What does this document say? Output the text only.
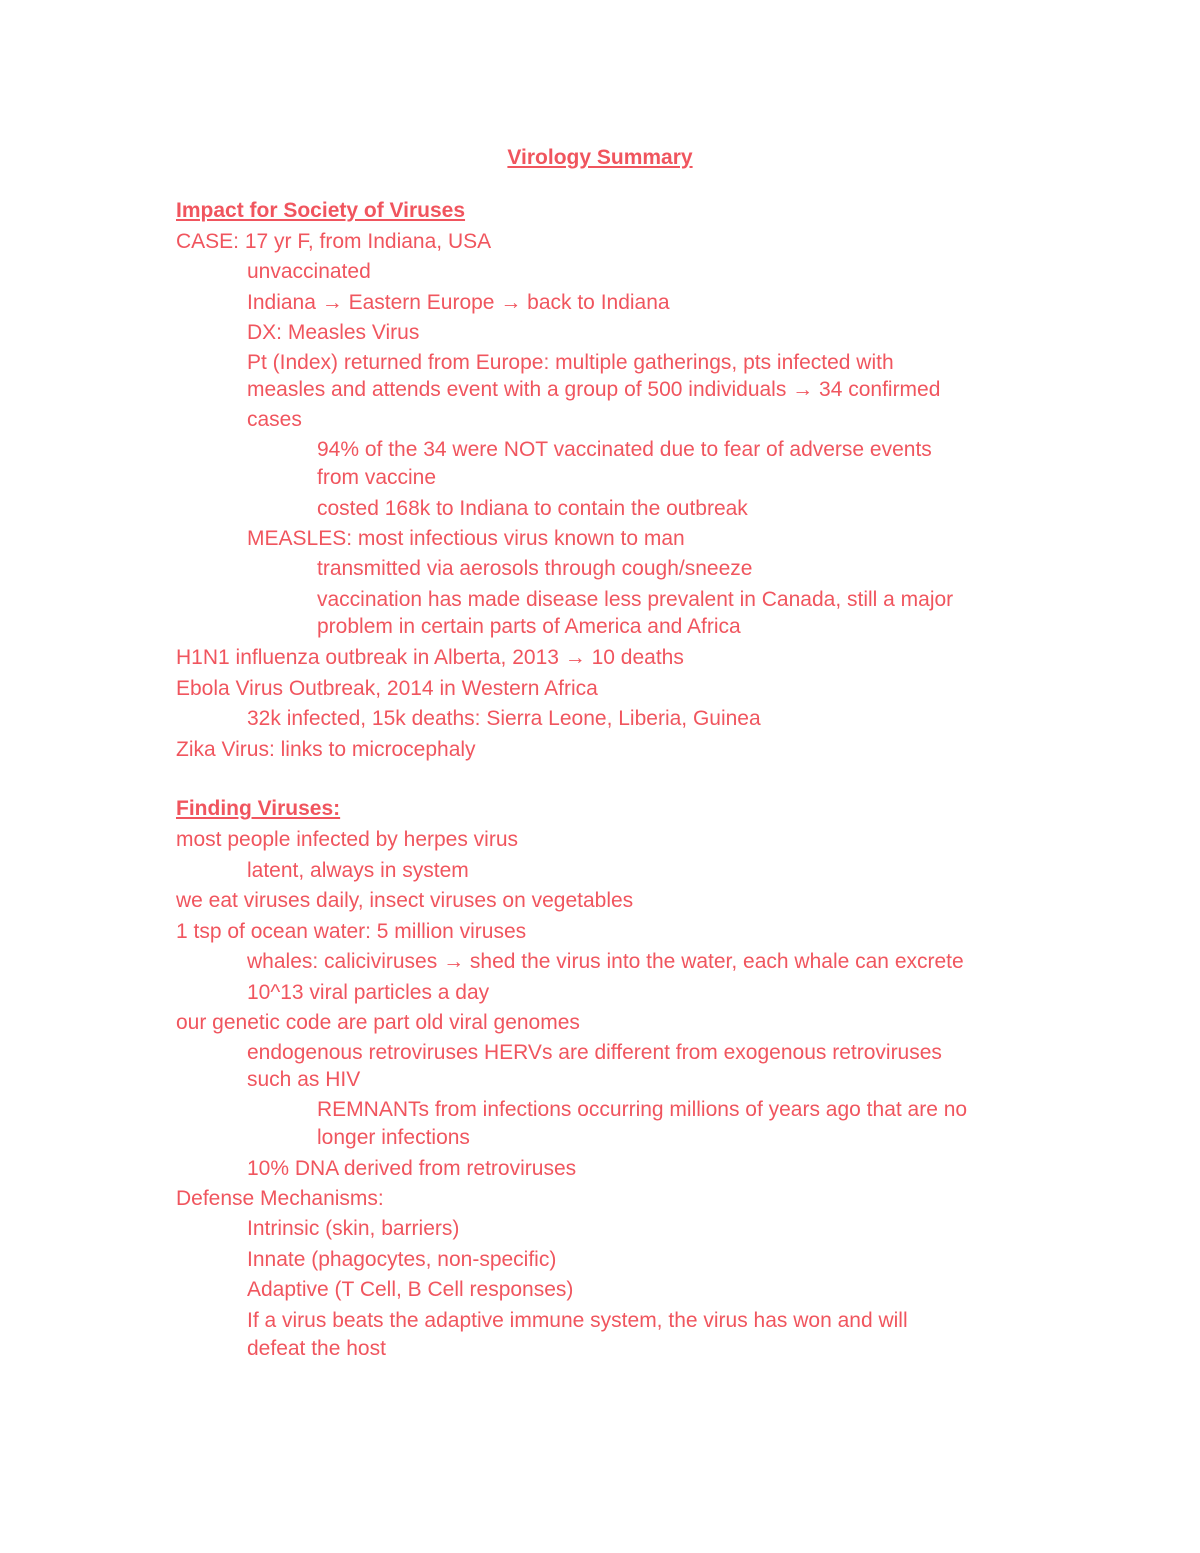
Virology Summary
Impact for Society of Viruses

CASE: 17 yr F, from Indiana, USA

unvaccinated

Indiana → Eastern Europe → back to Indiana

DX: Measles Virus

Pt (Index) returned from Europe: multiple gatherings, pts infected with

measles and attends event with a group of 500 individuals → 34 confirmed

cases

94% of the 34 were NOT vaccinated due to fear of adverse events

from vaccine

costed 168k to Indiana to contain the outbreak

MEASLES: most infectious virus known to man

transmitted via aerosols through cough/sneeze

vaccination has made disease less prevalent in Canada, still a major

problem in certain parts of America and Africa

H1N1 influenza outbreak in Alberta, 2013 → 10 deaths

Ebola Virus Outbreak, 2014 in Western Africa

32k infected, 15k deaths: Sierra Leone, Liberia, Guinea

Zika Virus: links to microcephaly

Finding Viruses:

most people infected by herpes virus

latent, always in system

we eat viruses daily, insect viruses on vegetables

1 tsp of ocean water: 5 million viruses

whales: caliciviruses → shed the virus into the water, each whale can excrete

10^13 viral particles a day

our genetic code are part old viral genomes

endogenous retroviruses HERVs are different from exogenous retroviruses

such as HIV

REMNANTs from infections occurring millions of years ago that are no

longer infections

10% DNA derived from retroviruses

Defense Mechanisms:

Intrinsic (skin, barriers)

Innate (phagocytes, non-specific)

Adaptive (T Cell, B Cell responses)

If a virus beats the adaptive immune system, the virus has won and will

defeat the host
